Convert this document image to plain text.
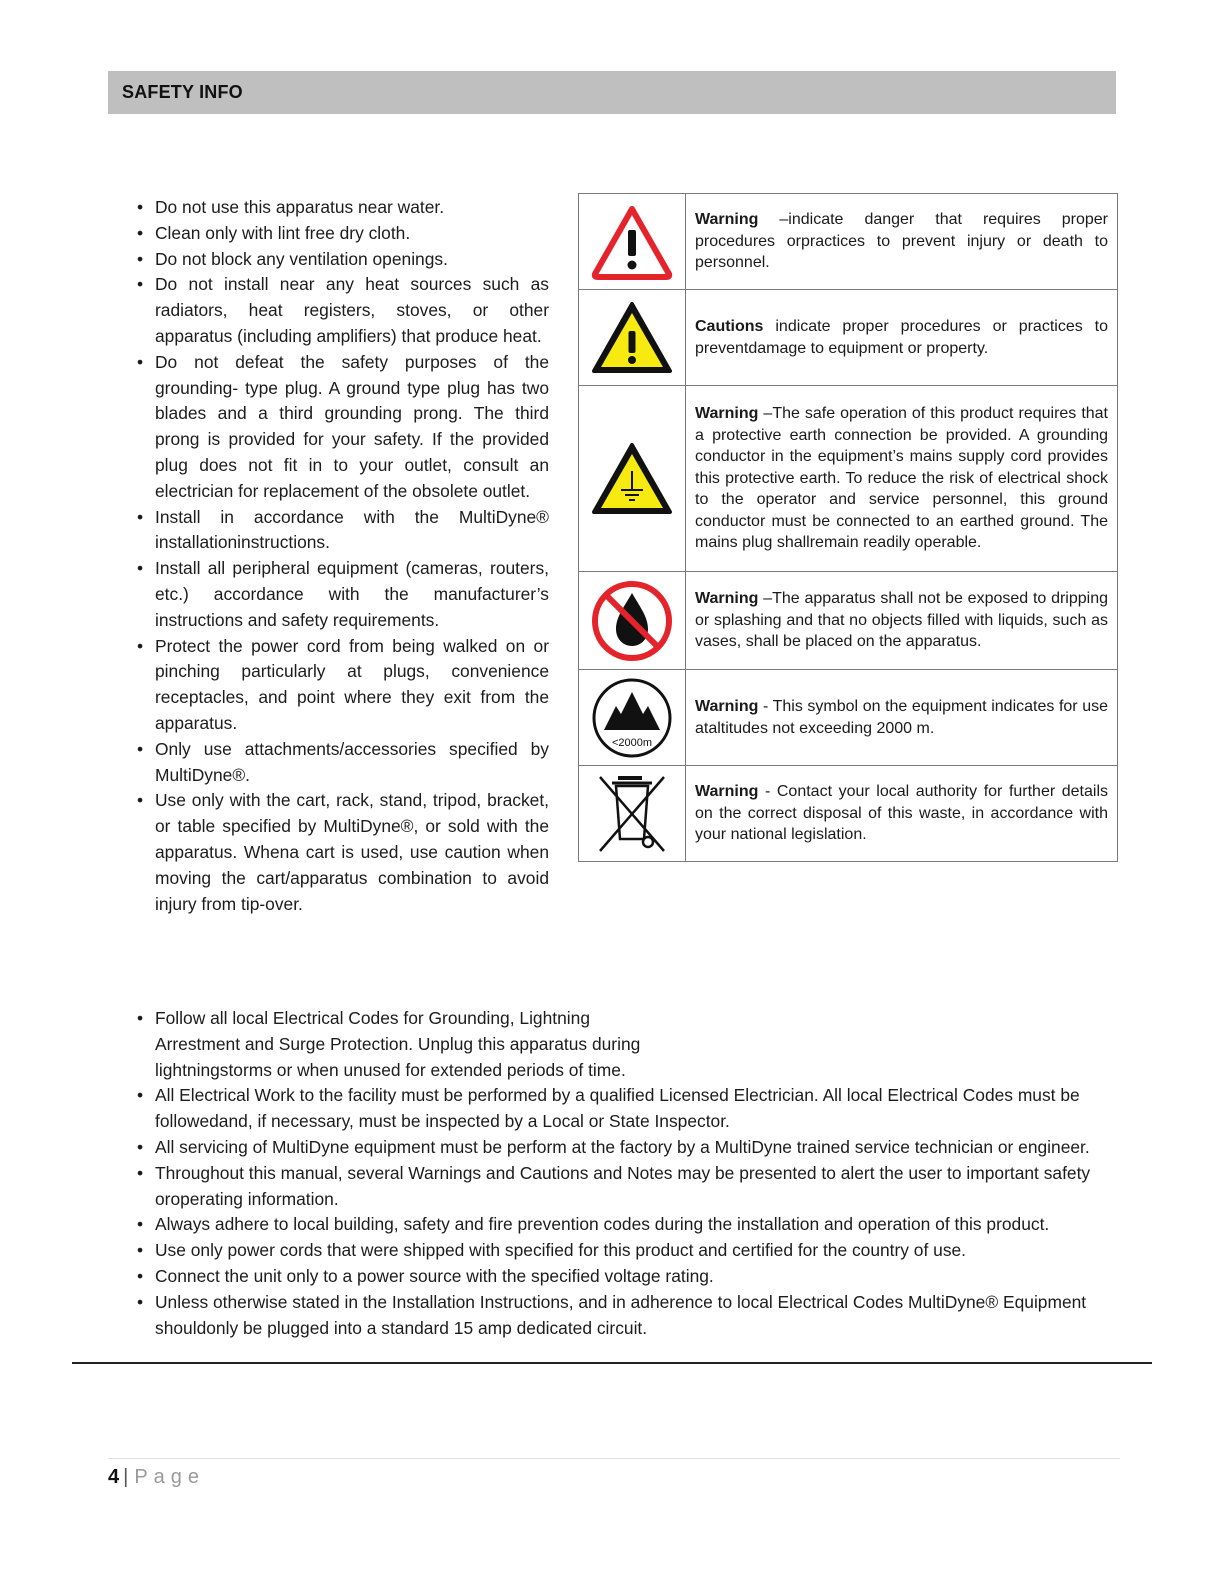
SAFETY INFO
• Do not use this apparatus near water.
• Clean only with lint free dry cloth.
• Do not block any ventilation openings.
• Do not install near any heat sources such as radiators, heat registers, stoves, or other apparatus (including amplifiers) that produce heat.
• Do not defeat the safety purposes of the grounding- type plug. A ground type plug has two blades and a third grounding prong. The third prong is provided for your safety. If the provided plug does not fit in to your outlet, consult an electrician for replacement of the obsolete outlet.
• Install in accordance with the MultiDyne® installationinstructions.
• Install all peripheral equipment (cameras, routers, etc.) accordance with the manufacturer’s instructions and safety requirements.
• Protect the power cord from being walked on or pinching particularly at plugs, convenience receptacles, and point where they exit from the apparatus.
• Only use attachments/accessories specified by MultiDyne®.
• Use only with the cart, rack, stand, tripod, bracket, or table specified by MultiDyne®, or sold with the apparatus. Whena cart is used, use caution when moving the cart/apparatus combination to avoid injury from tip-over.
	Warning –indicate danger that requires proper procedures orpractices to prevent injury or death to personnel.

	Cautions indicate proper procedures or practices to preventdamage to equipment or property.

	Warning –The safe operation of this product requires that a protective earth connection be provided. A grounding conductor in the equipment’s mains supply cord provides this protective earth. To reduce the risk of electrical shock to the operator and service personnel, this ground conductor must be connected to an earthed ground. The mains plug shallremain readily operable.

	Warning –The apparatus shall not be exposed to dripping or splashing and that no objects filled with liquids, such as vases, shall be placed on the apparatus.

<2000m	Warning - This symbol on the equipment indicates for use ataltitudes not exceeding 2000 m.

	Warning - Contact your local authority for further details on the correct disposal of this waste, in accordance with your national legislation.
• Follow all local Electrical Codes for Grounding, Lightning
Arrestment and Surge Protection. Unplug this apparatus during lightningstorms or when unused for extended periods of time.
• All Electrical Work to the facility must be performed by a qualified Licensed Electrician. All local Electrical Codes must be followedand, if necessary, must be inspected by a Local or State Inspector.
• All servicing of MultiDyne equipment must be perform at the factory by a MultiDyne trained service technician or engineer.
• Throughout this manual, several Warnings and Cautions and Notes may be presented to alert the user to important safety oroperating information.
• Always adhere to local building, safety and fire prevention codes during the installation and operation of this product.
• Use only power cords that were shipped with specified for this product and certified for the country of use.
• Connect the unit only to a power source with the specified voltage rating.
• Unless otherwise stated in the Installation Instructions, and in adherence to local Electrical Codes MultiDyne® Equipment shouldonly be plugged into a standard 15 amp dedicated circuit.
4 | Page
